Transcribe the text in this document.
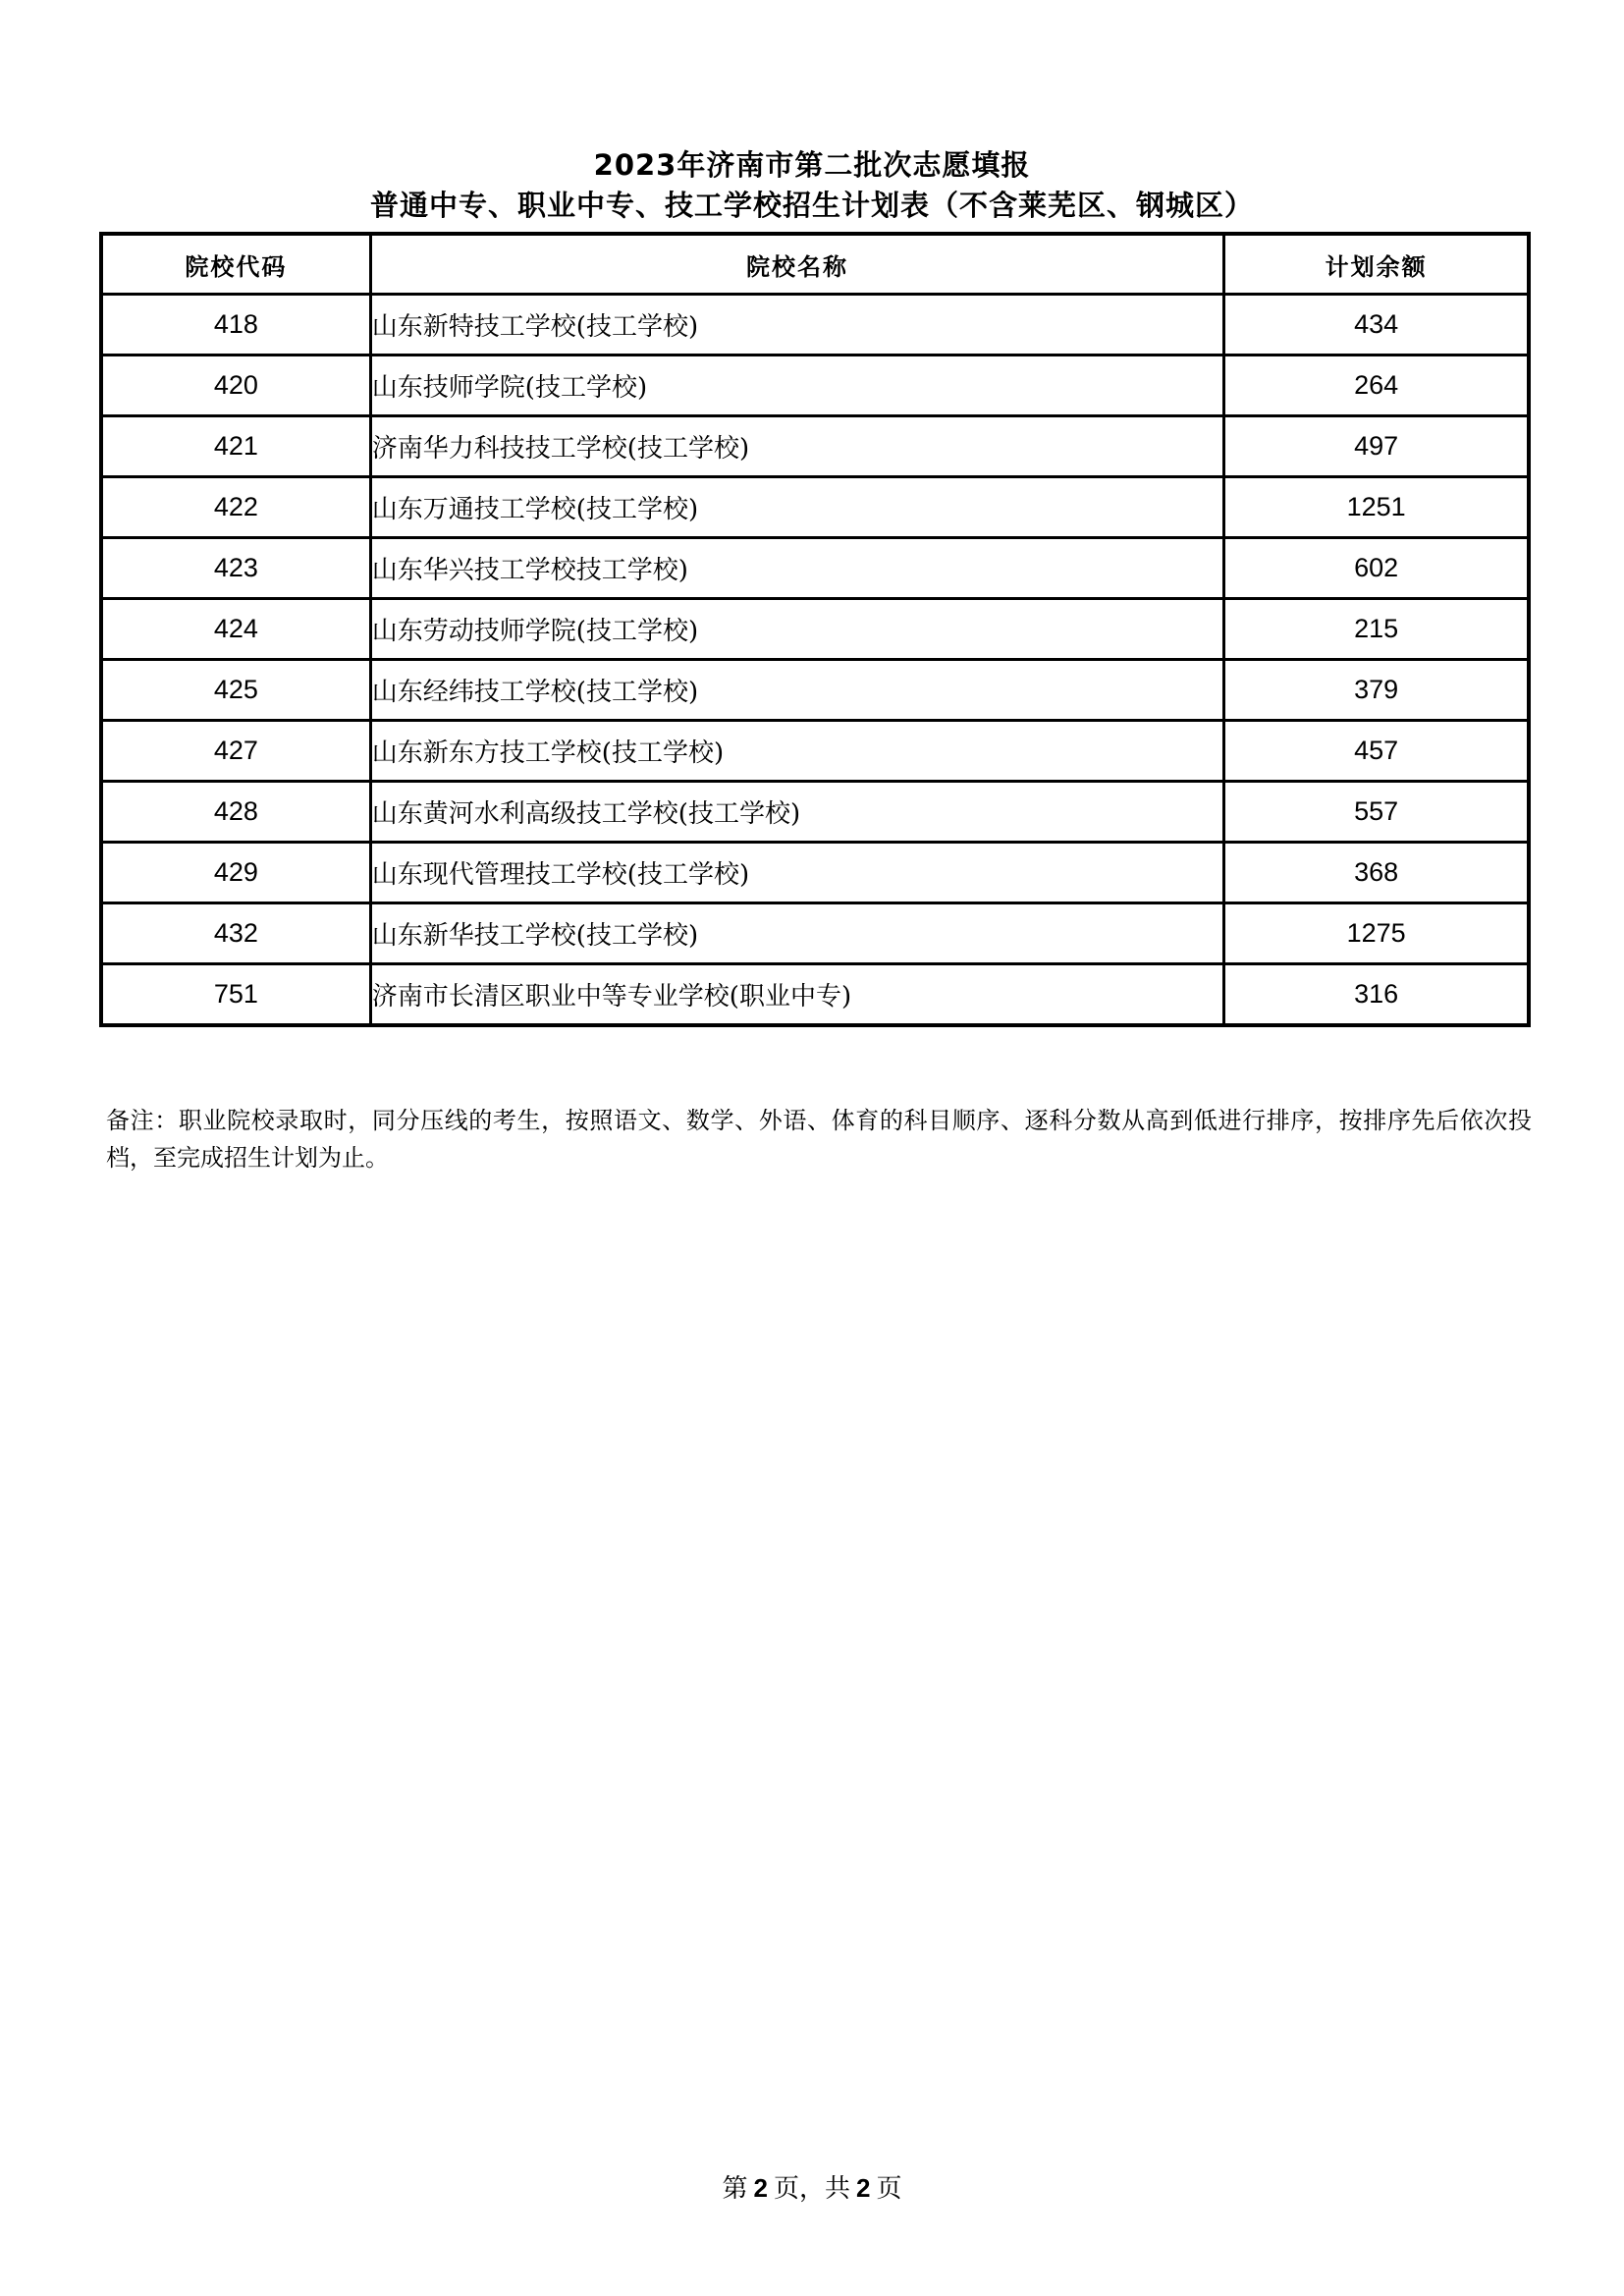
2023年济南市第二批次志愿填报
普通中专、职业中专、技工学校招生计划表（不含莱芜区、钢城区）
院校代码	院校名称	计划余额
418	山东新特技工学校(技工学校)	434
420	山东技师学院(技工学校)	264
421	济南华力科技技工学校(技工学校)	497
422	山东万通技工学校(技工学校)	1251
423	山东华兴技工学校技工学校)	602
424	山东劳动技师学院(技工学校)	215
425	山东经纬技工学校(技工学校)	379
427	山东新东方技工学校(技工学校)	457
428	山东黄河水利高级技工学校(技工学校)	557
429	山东现代管理技工学校(技工学校)	368
432	山东新华技工学校(技工学校)	1275
751	济南市长清区职业中等专业学校(职业中专)	316
备注：职业院校录取时，同分压线的考生，按照语文、数学、外语、体育的科目顺序、逐科分数从高到低进行排序，按排序先后依次投档，至完成招生计划为止。
第 2 页，共 2 页
